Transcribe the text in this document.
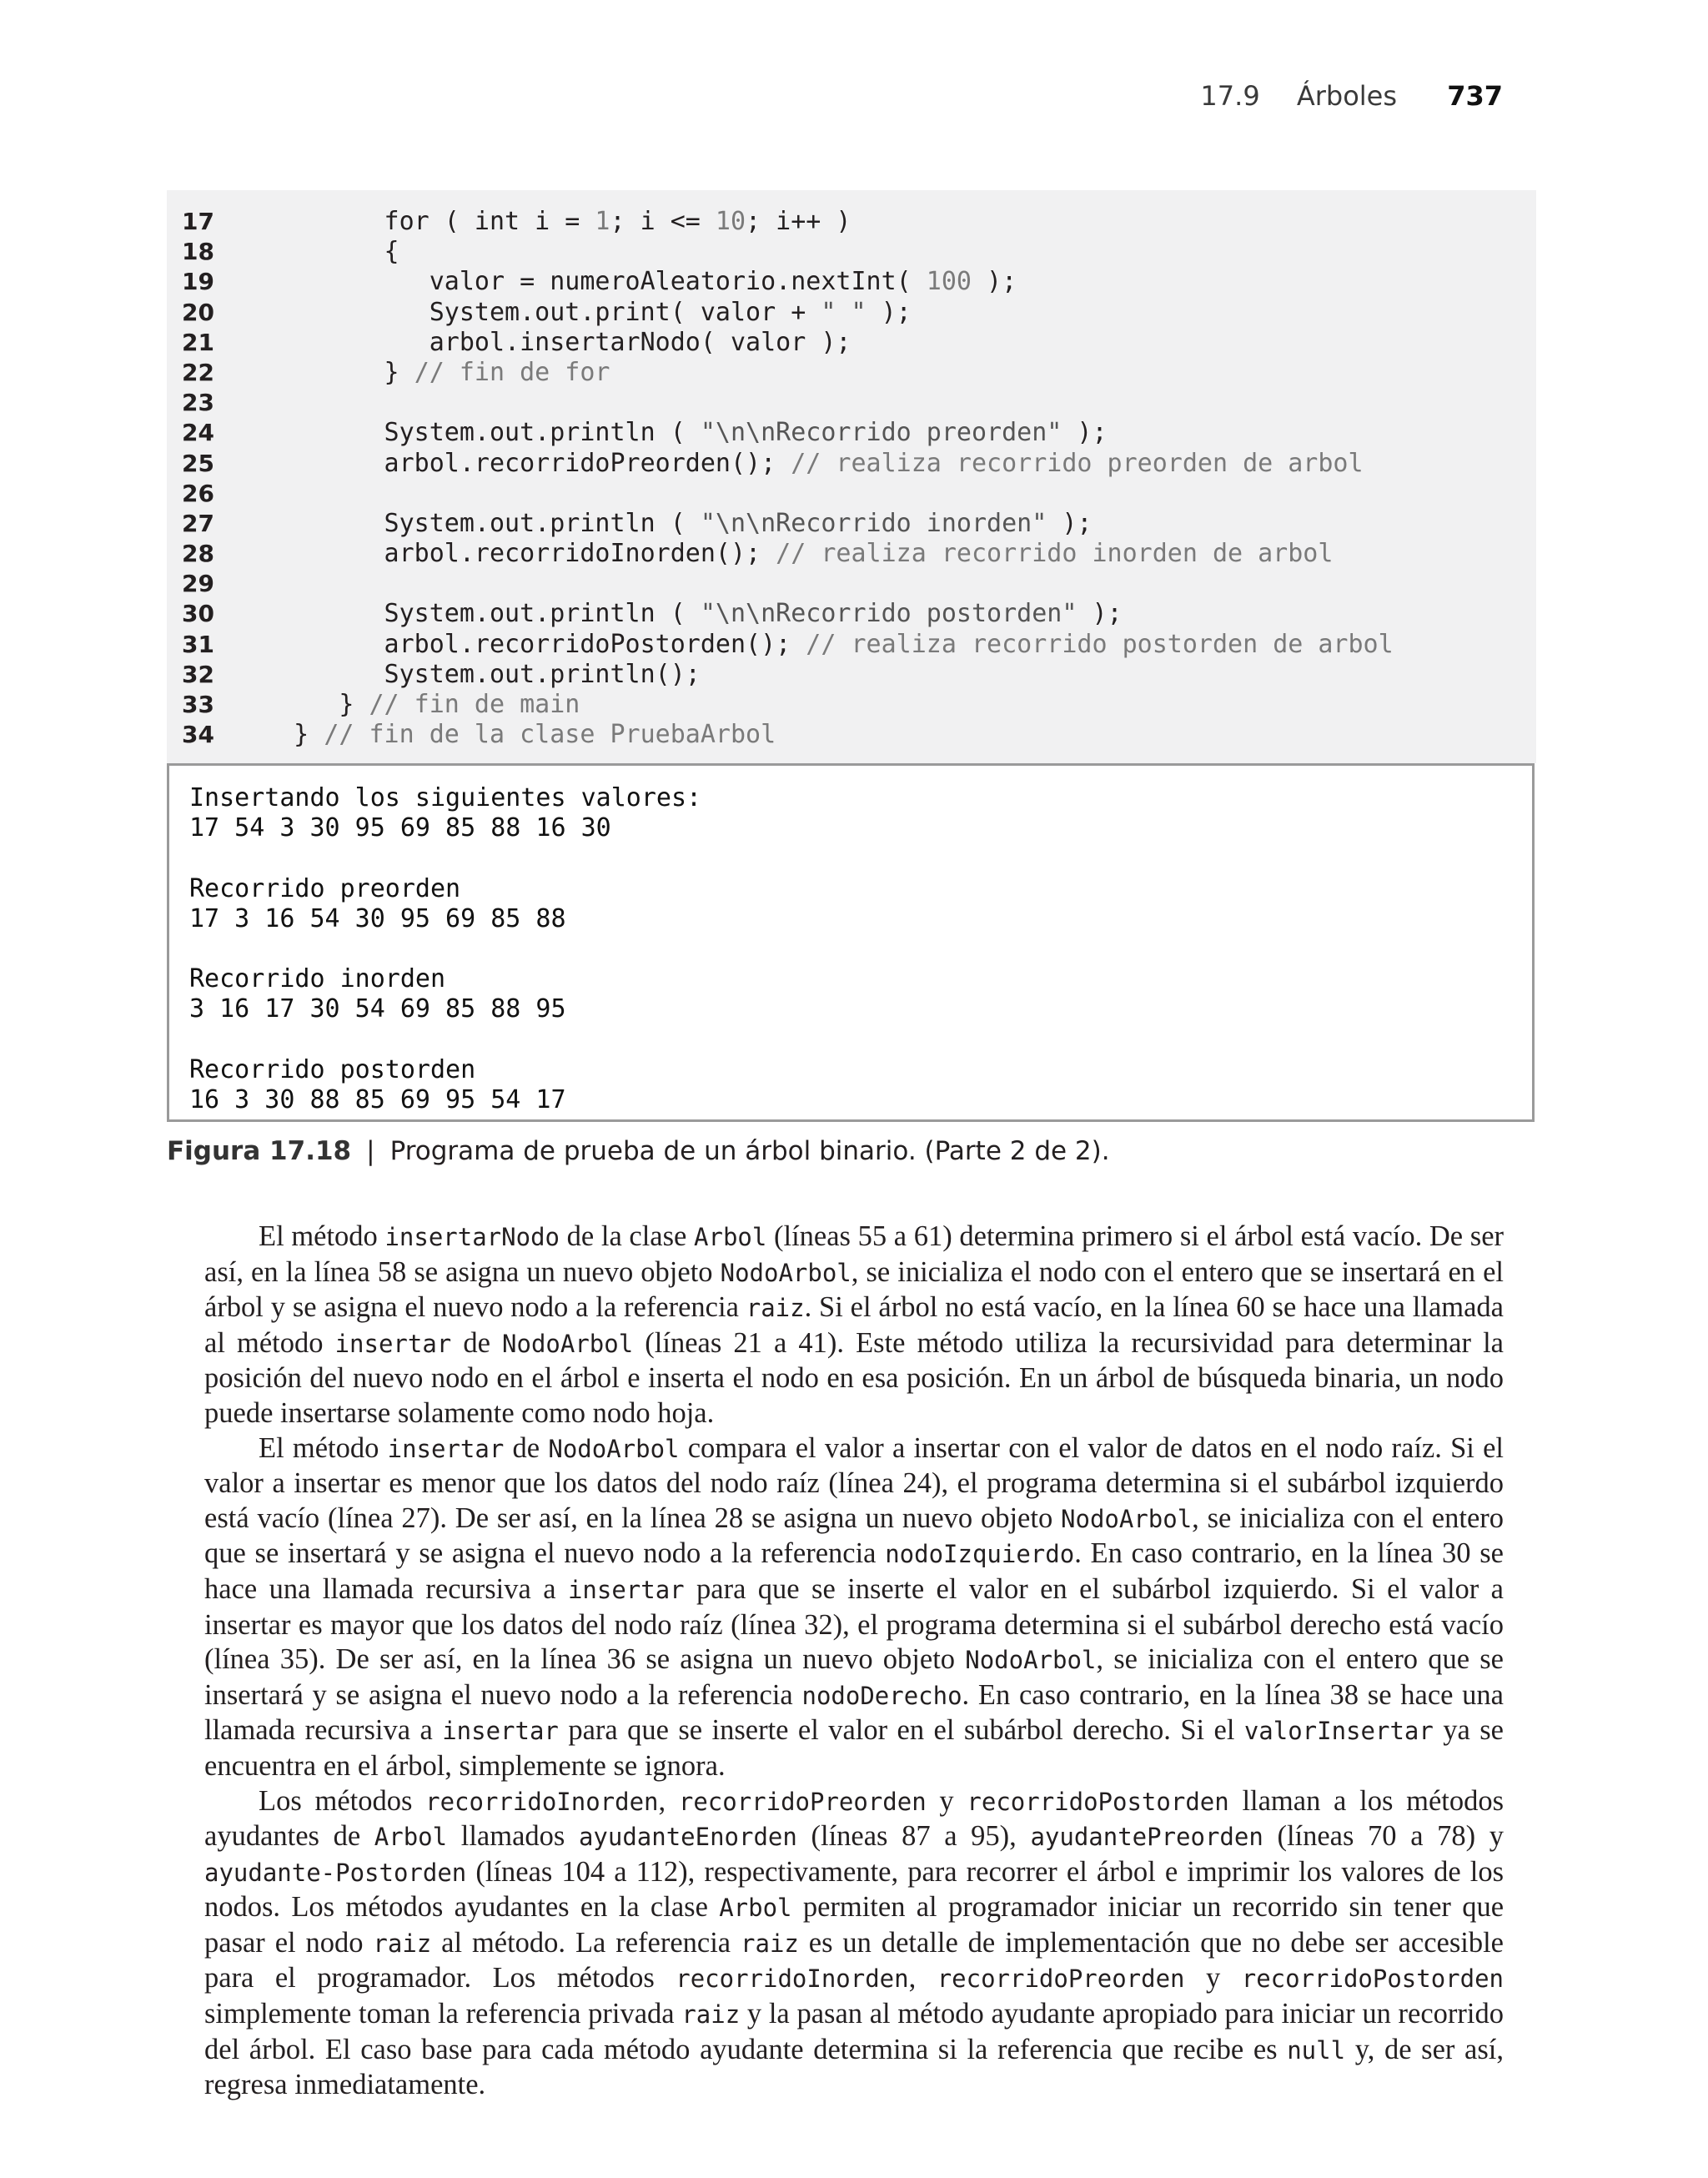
17.9 Árboles 737
17 for ( int i = 1; i <= 10; i++ )
18 {
19 valor = numeroAleatorio.nextInt( 100 );
20 System.out.print( valor + " " );
21 arbol.insertarNodo( valor );
22 } // fin de for
23
24 System.out.println ( "\n\nRecorrido preorden" );
25 arbol.recorridoPreorden(); // realiza recorrido preorden de arbol
26
27 System.out.println ( "\n\nRecorrido inorden" );
28 arbol.recorridoInorden(); // realiza recorrido inorden de arbol
29
30 System.out.println ( "\n\nRecorrido postorden" );
31 arbol.recorridoPostorden(); // realiza recorrido postorden de arbol
32 System.out.println();
33 } // fin de main
34 } // fin de la clase PruebaArbol
Insertando los siguientes valores:
17 54 3 30 95 69 85 88 16 30
Recorrido preorden
17 3 16 54 30 95 69 85 88
Recorrido inorden
3 16 17 30 54 69 85 88 95
Recorrido postorden
16 3 30 88 85 69 95 54 17
Figura 17.18 | Programa de prueba de un árbol binario. (Parte 2 de 2).

El método insertarNodo de la clase Arbol (líneas 55 a 61) determina primero si el árbol está vacío. De ser así, en la línea 58 se asigna un nuevo objeto NodoArbol, se inicializa el nodo con el entero que se insertará en el árbol y se asigna el nuevo nodo a la referencia raiz. Si el árbol no está vacío, en la línea 60 se hace una llamada al método insertar de NodoArbol (líneas 21 a 41). Este método utiliza la recursividad para determinar la posición del nuevo nodo en el árbol e inserta el nodo en esa posición. En un árbol de búsqueda binaria, un nodo puede insertarse solamente como nodo hoja.

El método insertar de NodoArbol compara el valor a insertar con el valor de datos en el nodo raíz. Si el valor a insertar es menor que los datos del nodo raíz (línea 24), el programa determina si el subárbol izquierdo está vacío (línea 27). De ser así, en la línea 28 se asigna un nuevo objeto NodoArbol, se inicializa con el entero que se insertará y se asigna el nuevo nodo a la referencia nodoIzquierdo. En caso contrario, en la línea 30 se hace una llamada recursiva a insertar para que se inserte el valor en el subárbol izquierdo. Si el valor a insertar es mayor que los datos del nodo raíz (línea 32), el programa determina si el subárbol derecho está vacío (línea 35). De ser así, en la línea 36 se asigna un nuevo objeto NodoArbol, se inicializa con el entero que se insertará y se asigna el nuevo nodo a la referencia nodoDerecho. En caso contrario, en la línea 38 se hace una llamada recursiva a insertar para que se inserte el valor en el subárbol derecho. Si el valorInsertar ya se encuentra en el árbol, simplemente se ignora.

Los métodos recorridoInorden, recorridoPreorden y recorridoPostorden llaman a los métodos ayudantes de Arbol llamados ayudanteEnorden (líneas 87 a 95), ayudantePreorden (líneas 70 a 78) y ayudante-Postorden (líneas 104 a 112), respectivamente, para recorrer el árbol e imprimir los valores de los nodos. Los métodos ayudantes en la clase Arbol permiten al programador iniciar un recorrido sin tener que pasar el nodo raiz al método. La referencia raiz es un detalle de implementación que no debe ser accesible para el programador. Los métodos recorridoInorden, recorridoPreorden y recorridoPostorden simplemente toman la referencia privada raiz y la pasan al método ayudante apropiado para iniciar un recorrido del árbol. El caso base para cada método ayudante determina si la referencia que recibe es null y, de ser así, regresa inmediatamente.
